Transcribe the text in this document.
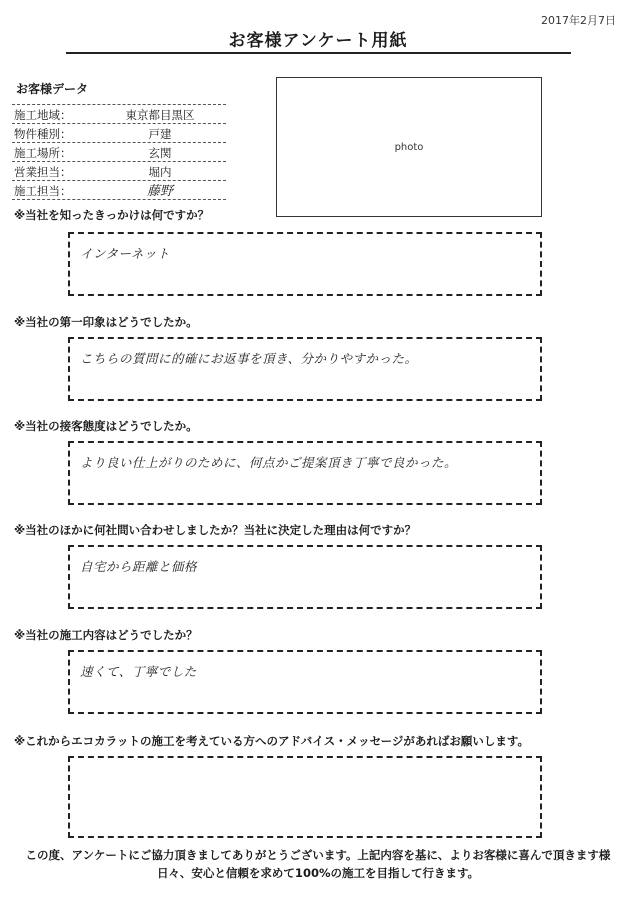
2017年2月7日
お客様アンケート用紙
お客様データ
施工地域：	東京都目黒区
物件種別：	戸建
施工場所：	玄関
営業担当：	堀内
施工担当：	藤野
photo
※当社を知ったきっかけは何ですか？
インターネット
※当社の第一印象はどうでしたか。
こちらの質問に的確にお返事を頂き、分かりやすかった。
※当社の接客態度はどうでしたか。
より良い仕上がりのために、何点かご提案頂き丁寧で良かった。
※当社のほかに何社問い合わせしましたか？当社に決定した理由は何ですか？
自宅から距離と価格
※当社の施工内容はどうでしたか？
速くて、丁寧でした
※これからエコカラットの施工を考えている方へのアドバイス・メッセージがあればお願いします。
この度、アンケートにご協力頂きましてありがとうございます。上記内容を基に、よりお客様に喜んで頂きます様
日々、安心と信頼を求めて100%の施工を目指して行きます。
